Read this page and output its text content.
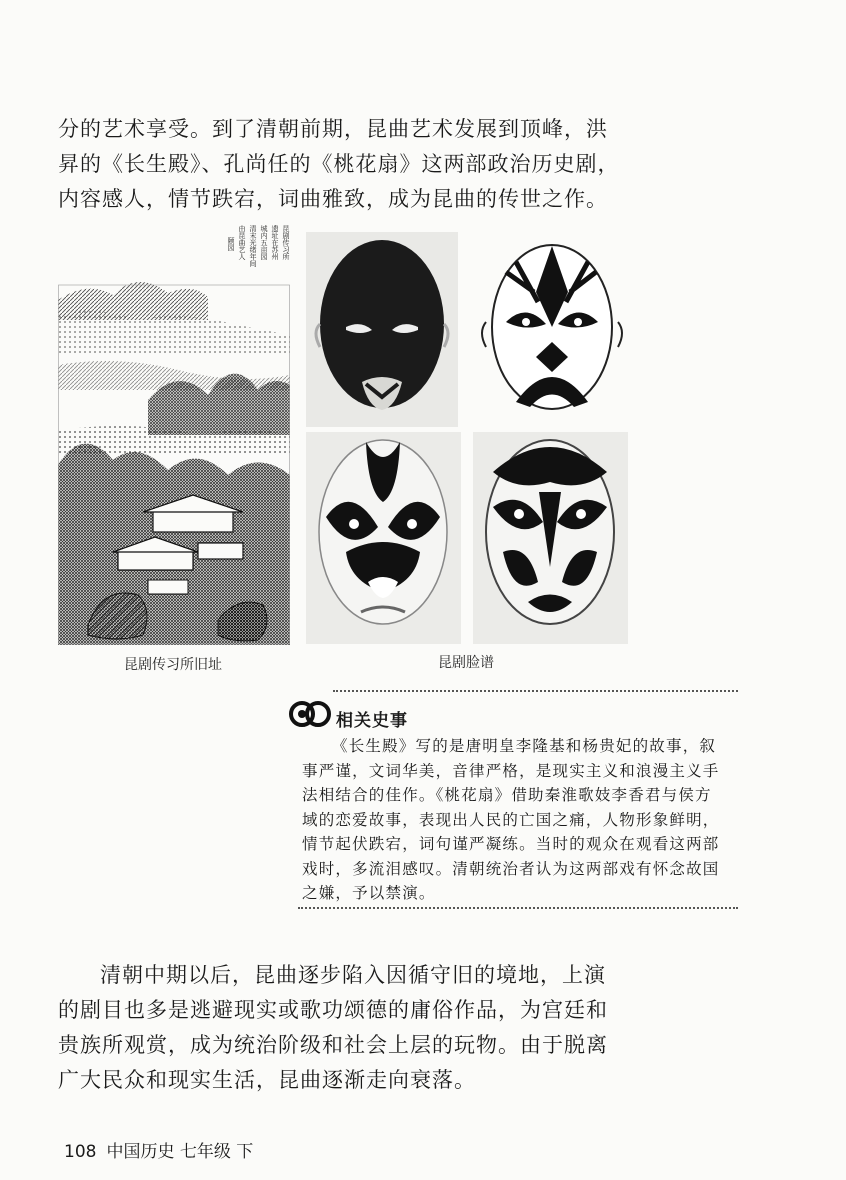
分的艺术享受。到了清朝前期，昆曲艺术发展到顶峰，洪
昇的《长生殿》、孔尚任的《桃花扇》这两部政治历史剧，
内容感人，情节跌宕，词曲雅致，成为昆曲的传世之作。
昆剧传习所
遗址在苏州
城内五亩园
清末光绪年间
由昆曲艺人
颐园
昆剧传习所旧址	昆剧脸谱
相关史事
《长生殿》写的是唐明皇李隆基和杨贵妃的故事，叙
事严谨，文词华美，音律严格，是现实主义和浪漫主义手
法相结合的佳作。《桃花扇》借助秦淮歌妓李香君与侯方
域的恋爱故事，表现出人民的亡国之痛，人物形象鲜明，
情节起伏跌宕，词句谨严凝练。当时的观众在观看这两部
戏时，多流泪感叹。清朝统治者认为这两部戏有怀念故国
之嫌，予以禁演。
清朝中期以后，昆曲逐步陷入因循守旧的境地，上演
的剧目也多是逃避现实或歌功颂德的庸俗作品，为宫廷和
贵族所观赏，成为统治阶级和社会上层的玩物。由于脱离
广大民众和现实生活，昆曲逐渐走向衰落。
108 中国历史 七年级 下
